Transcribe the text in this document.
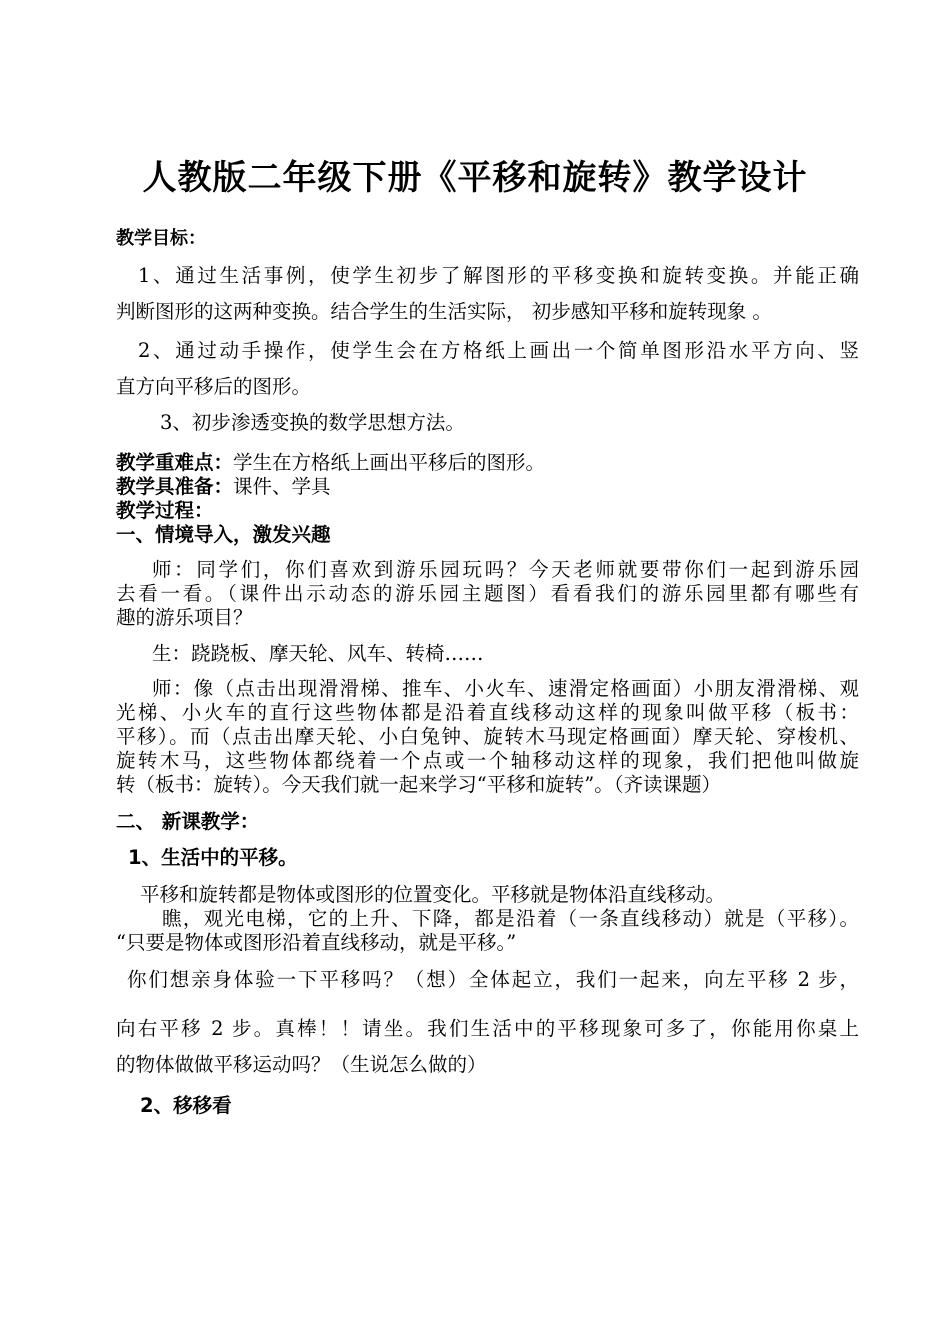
人教版二年级下册《平移和旋转》教学设计
教学目标：
1、通过生活事例，使学生初步了解图形的平移变换和旋转变换。并能正确
判断图形的这两种变换。结合学生的生活实际， 初步感知平移和旋转现象 。
2、通过动手操作，使学生会在方格纸上画出一个简单图形沿水平方向、竖
直方向平移后的图形。
3、初步渗透变换的数学思想方法。
教学重难点：学生在方格纸上画出平移后的图形。
教学具准备：课件、学具
教学过程：
一、情境导入，激发兴趣
师：同学们，你们喜欢到游乐园玩吗？今天老师就要带你们一起到游乐园
去看一看。（课件出示动态的游乐园主题图）看看我们的游乐园里都有哪些有
趣的游乐项目？
生：跷跷板、摩天轮、风车、转椅……
师：像（点击出现滑滑梯、推车、小火车、速滑定格画面）小朋友滑滑梯、观
光梯、小火车的直行这些物体都是沿着直线移动这样的现象叫做平移（板书：
平移）。而（点击出摩天轮、小白兔钟、旋转木马现定格画面）摩天轮、穿梭机、
旋转木马，这些物体都绕着一个点或一个轴移动这样的现象，我们把他叫做旋
转（板书：旋转）。今天我们就一起来学习“平移和旋转”。（齐读课题）
二、 新课教学：
1、生活中的平移。
平移和旋转都是物体或图形的位置变化。平移就是物体沿直线移动。
瞧，观光电梯，它的上升、下降，都是沿着（一条直线移动）就是（平移）。
“只要是物体或图形沿着直线移动，就是平移。”
你们想亲身体验一下平移吗？（想）全体起立，我们一起来，向左平移 2 步，
向右平移 2 步。真棒！！请坐。我们生活中的平移现象可多了，你能用你桌上
的物体做做平移运动吗？（生说怎么做的）
2、移移看
